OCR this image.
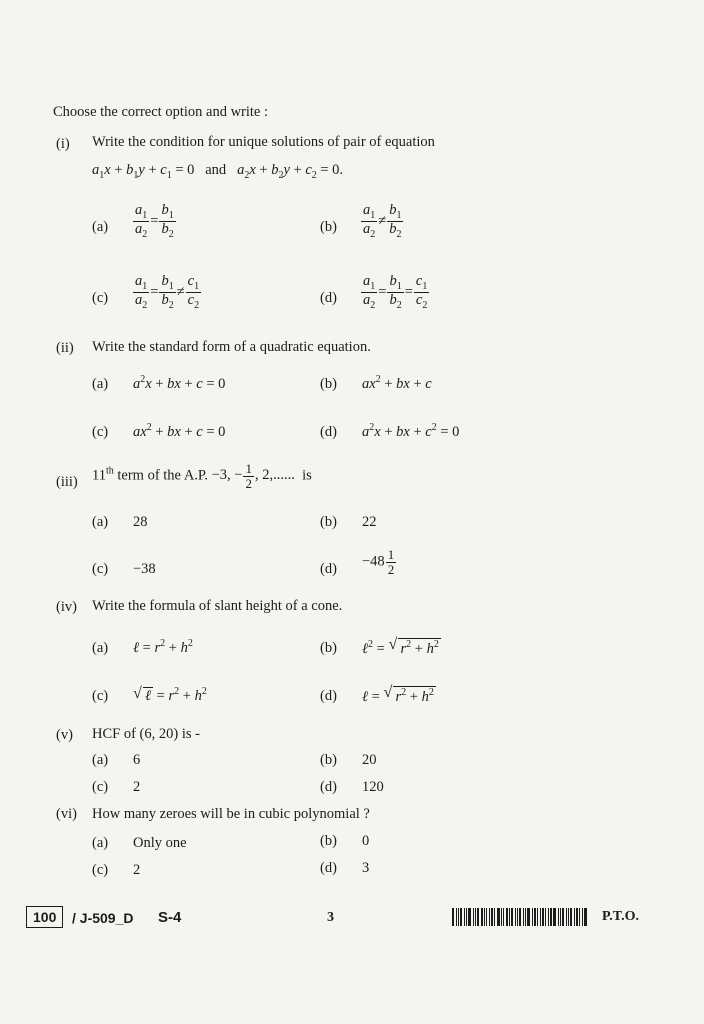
Choose the correct option and write :
(i) Write the condition for unique solutions of pair of equation
$a_1x + b_1y + c_1 = 0$   and $a_2x + b_2y + c_2 = 0$.
$(a) \frac{a_1}{a_2} = \frac{b_1}{b_2}$	$(b) \frac{a_1}{a_2} \ne \frac{b_1}{b_2}$
$(c) \frac{a_1}{a_2} = \frac{b_1}{b_2} \ne \frac{c_1}{c_2}$	$(d) \frac{a_1}{a_2} = \frac{b_1}{b_2} = \frac{c_1}{c_2}$
(ii) Write the standard form of a quadratic equation.
(a) $a^2x$ + bx + c = 0	(b) $ax^2$ + bx + c
(c) $ax^2$ + bx + c = 0	(d) $a^2x$ + bx + $c^2 = 0$
(iii) 11th term of the A.P. −3, − $\frac{1}{2}$ , 2,...... is
(a) 28	(b) 22
(c) −38	$(d) -48 \frac{1}{2}$
(iv) Write the formula of slant height of a cone.
(a) ℓ = $r^2 + h^2$	(b) ℓ$^2$ = √ $r^2 + h^2$
(c)
√	ℓ = $r^2 + h^2$	(d) ℓ = √ $r^2 + h^2$
(v) HCF of (6, 20) is -
(a) 6	(b) 20
(c) 2	(d) 120
(vi) How many zeroes will be in cubic polynomial ?
(a) Only one	(b) 0
(c) 2	(d) 3
100	/ J-509_D S-4	3	P.T.O.
